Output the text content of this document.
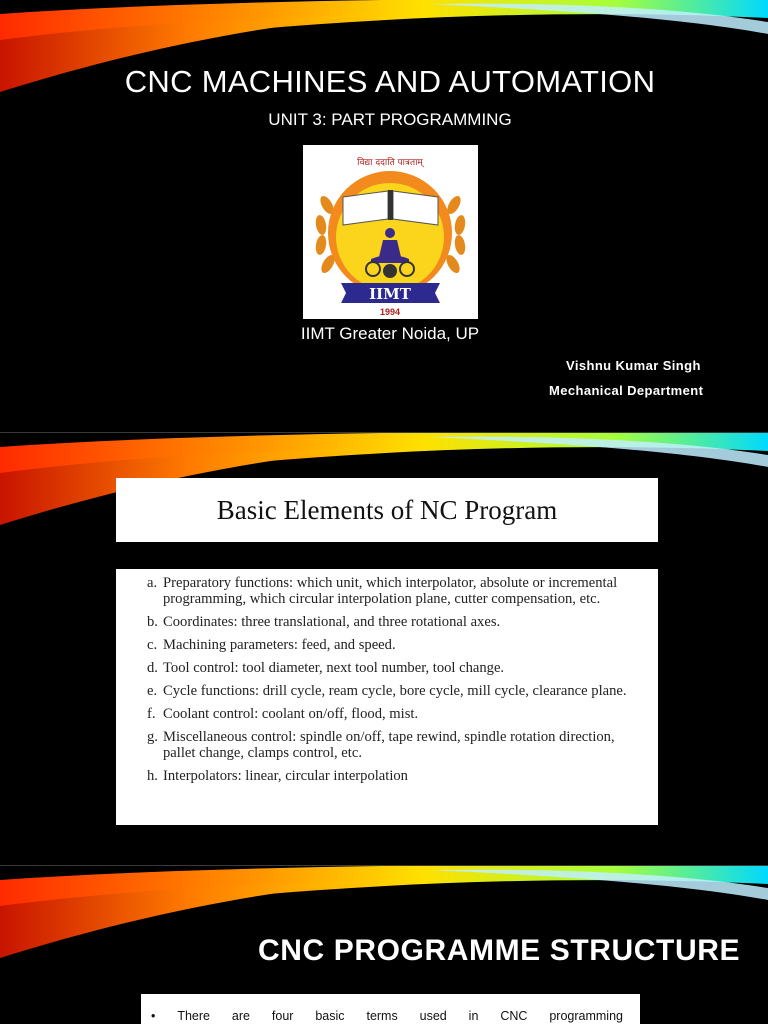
CNC MACHINES AND AUTOMATION
UNIT 3: PART PROGRAMMING
विद्या ददाति पात्रताम्
IIMT
1994
IIMT Greater Noida, UP
Vishnu Kumar Singh
Mechanical Department
Basic Elements of NC Program
a. Preparatory functions: which unit, which interpolator, absolute or incremental programming, which circular interpolation plane, cutter compensation, etc.
b. Coordinates: three translational, and three rotational axes.
c. Machining parameters: feed, and speed.
d. Tool control: tool diameter, next tool number, tool change.
e. Cycle functions: drill cycle, ream cycle, bore cycle, mill cycle, clearance plane.
f. Coolant control: coolant on/off, flood, mist.
g. Miscellaneous control: spindle on/off, tape rewind, spindle rotation direction, pallet change, clamps control, etc.
h. Interpolators: linear, circular interpolation
CNC PROGRAMME STRUCTURE
• There are four basic terms used in CNC programming
